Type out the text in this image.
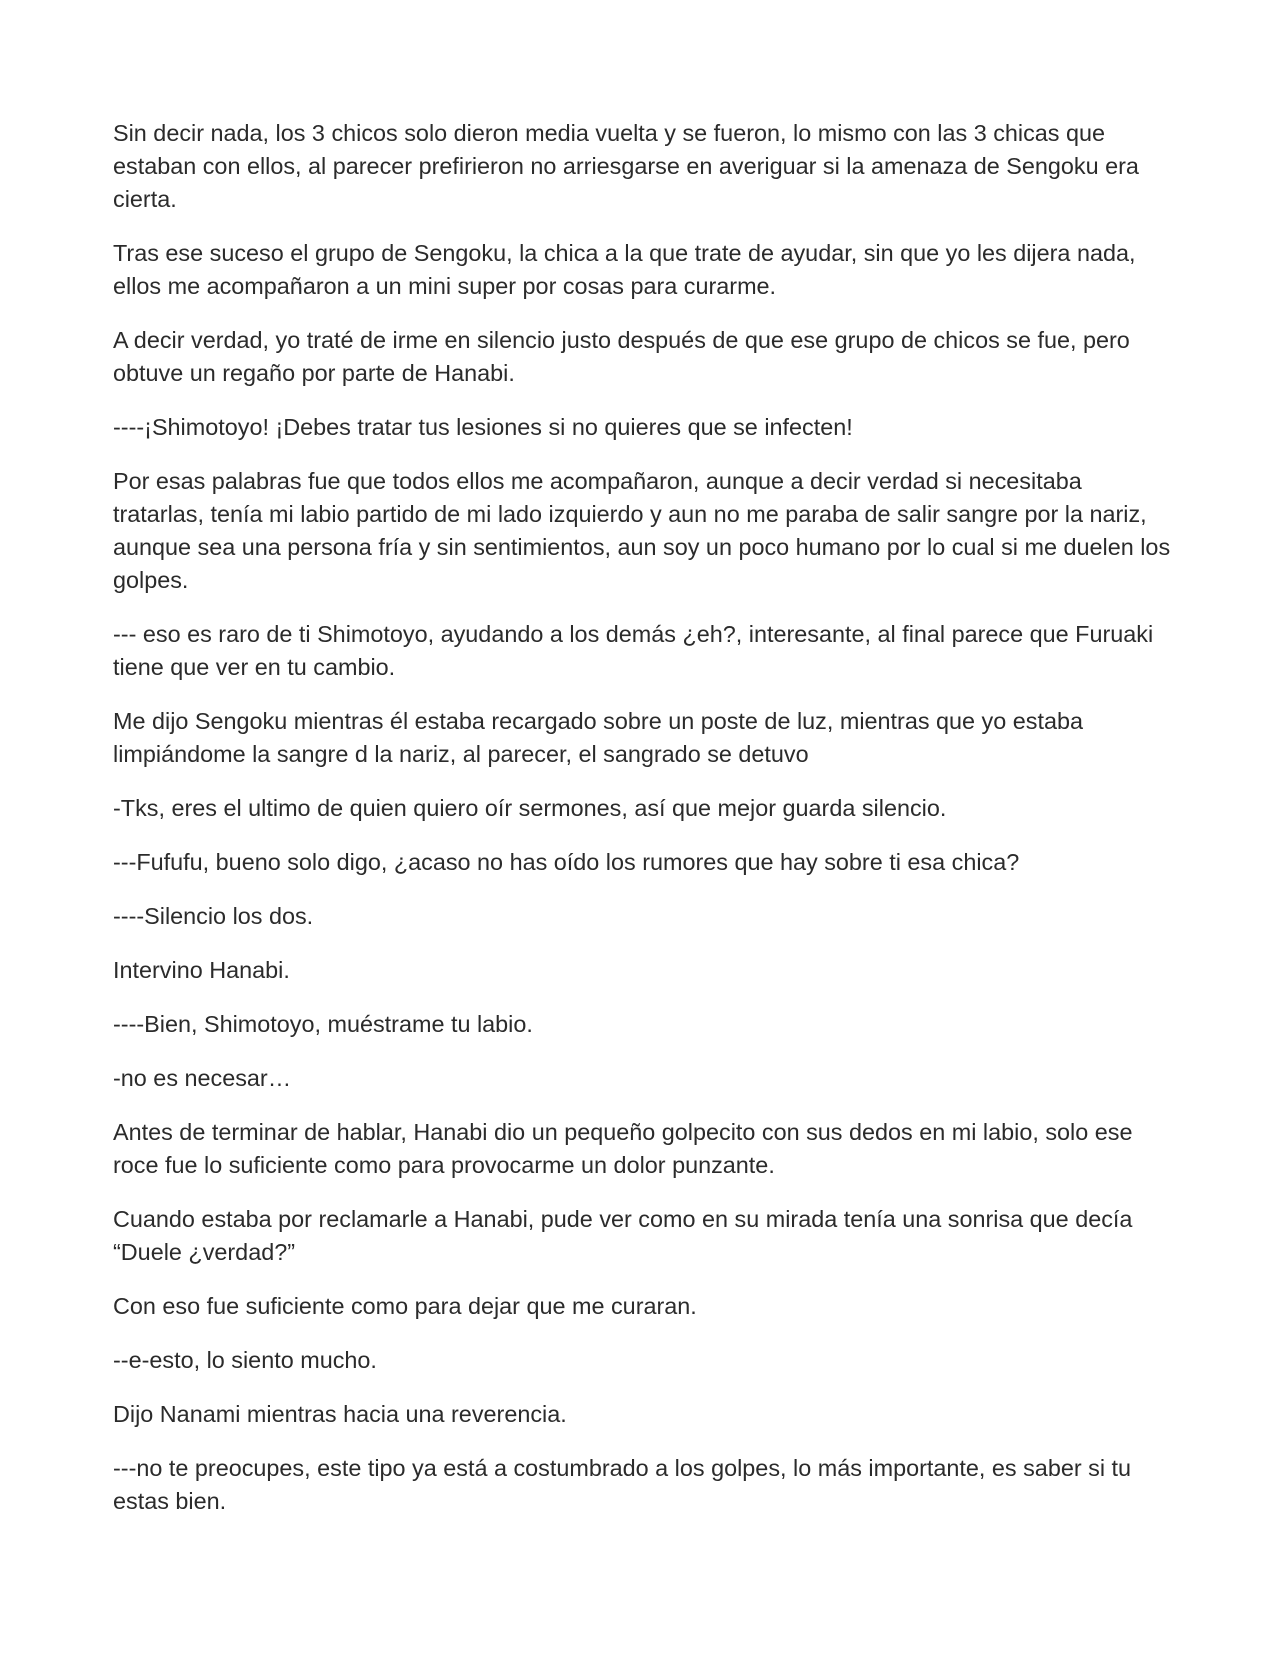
Sin decir nada, los 3 chicos solo dieron media vuelta y se fueron, lo mismo con las 3 chicas que estaban con ellos, al parecer prefirieron no arriesgarse en averiguar si la amenaza de Sengoku era cierta.

Tras ese suceso el grupo de Sengoku, la chica a la que trate de ayudar, sin que yo les dijera nada, ellos me acompañaron a un mini super por cosas para curarme.

A decir verdad, yo traté de irme en silencio justo después de que ese grupo de chicos se fue, pero obtuve un regaño por parte de Hanabi.

----¡Shimotoyo! ¡Debes tratar tus lesiones si no quieres que se infecten!

Por esas palabras fue que todos ellos me acompañaron, aunque a decir verdad si necesitaba tratarlas, tenía mi labio partido de mi lado izquierdo y aun no me paraba de salir sangre por la nariz, aunque sea una persona fría y sin sentimientos, aun soy un poco humano por lo cual si me duelen los golpes.

--- eso es raro de ti Shimotoyo, ayudando a los demás ¿eh?, interesante, al final parece que Furuaki tiene que ver en tu cambio.

Me dijo Sengoku mientras él estaba recargado sobre un poste de luz, mientras que yo estaba limpiándome la sangre d la nariz, al parecer, el sangrado se detuvo

-Tks, eres el ultimo de quien quiero oír sermones, así que mejor guarda silencio.

---Fufufu, bueno solo digo, ¿acaso no has oído los rumores que hay sobre ti esa chica?

----Silencio los dos.

Intervino Hanabi.

----Bien, Shimotoyo, muéstrame tu labio.

-no es necesar…

Antes de terminar de hablar, Hanabi dio un pequeño golpecito con sus dedos en mi labio, solo ese roce fue lo suficiente como para provocarme un dolor punzante.

Cuando estaba por reclamarle a Hanabi, pude ver como en su mirada tenía una sonrisa que decía “Duele ¿verdad?”

Con eso fue suficiente como para dejar que me curaran.

--e-esto, lo siento mucho.

Dijo Nanami mientras hacia una reverencia.

---no te preocupes, este tipo ya está a costumbrado a los golpes, lo más importante, es saber si tu estas bien.
